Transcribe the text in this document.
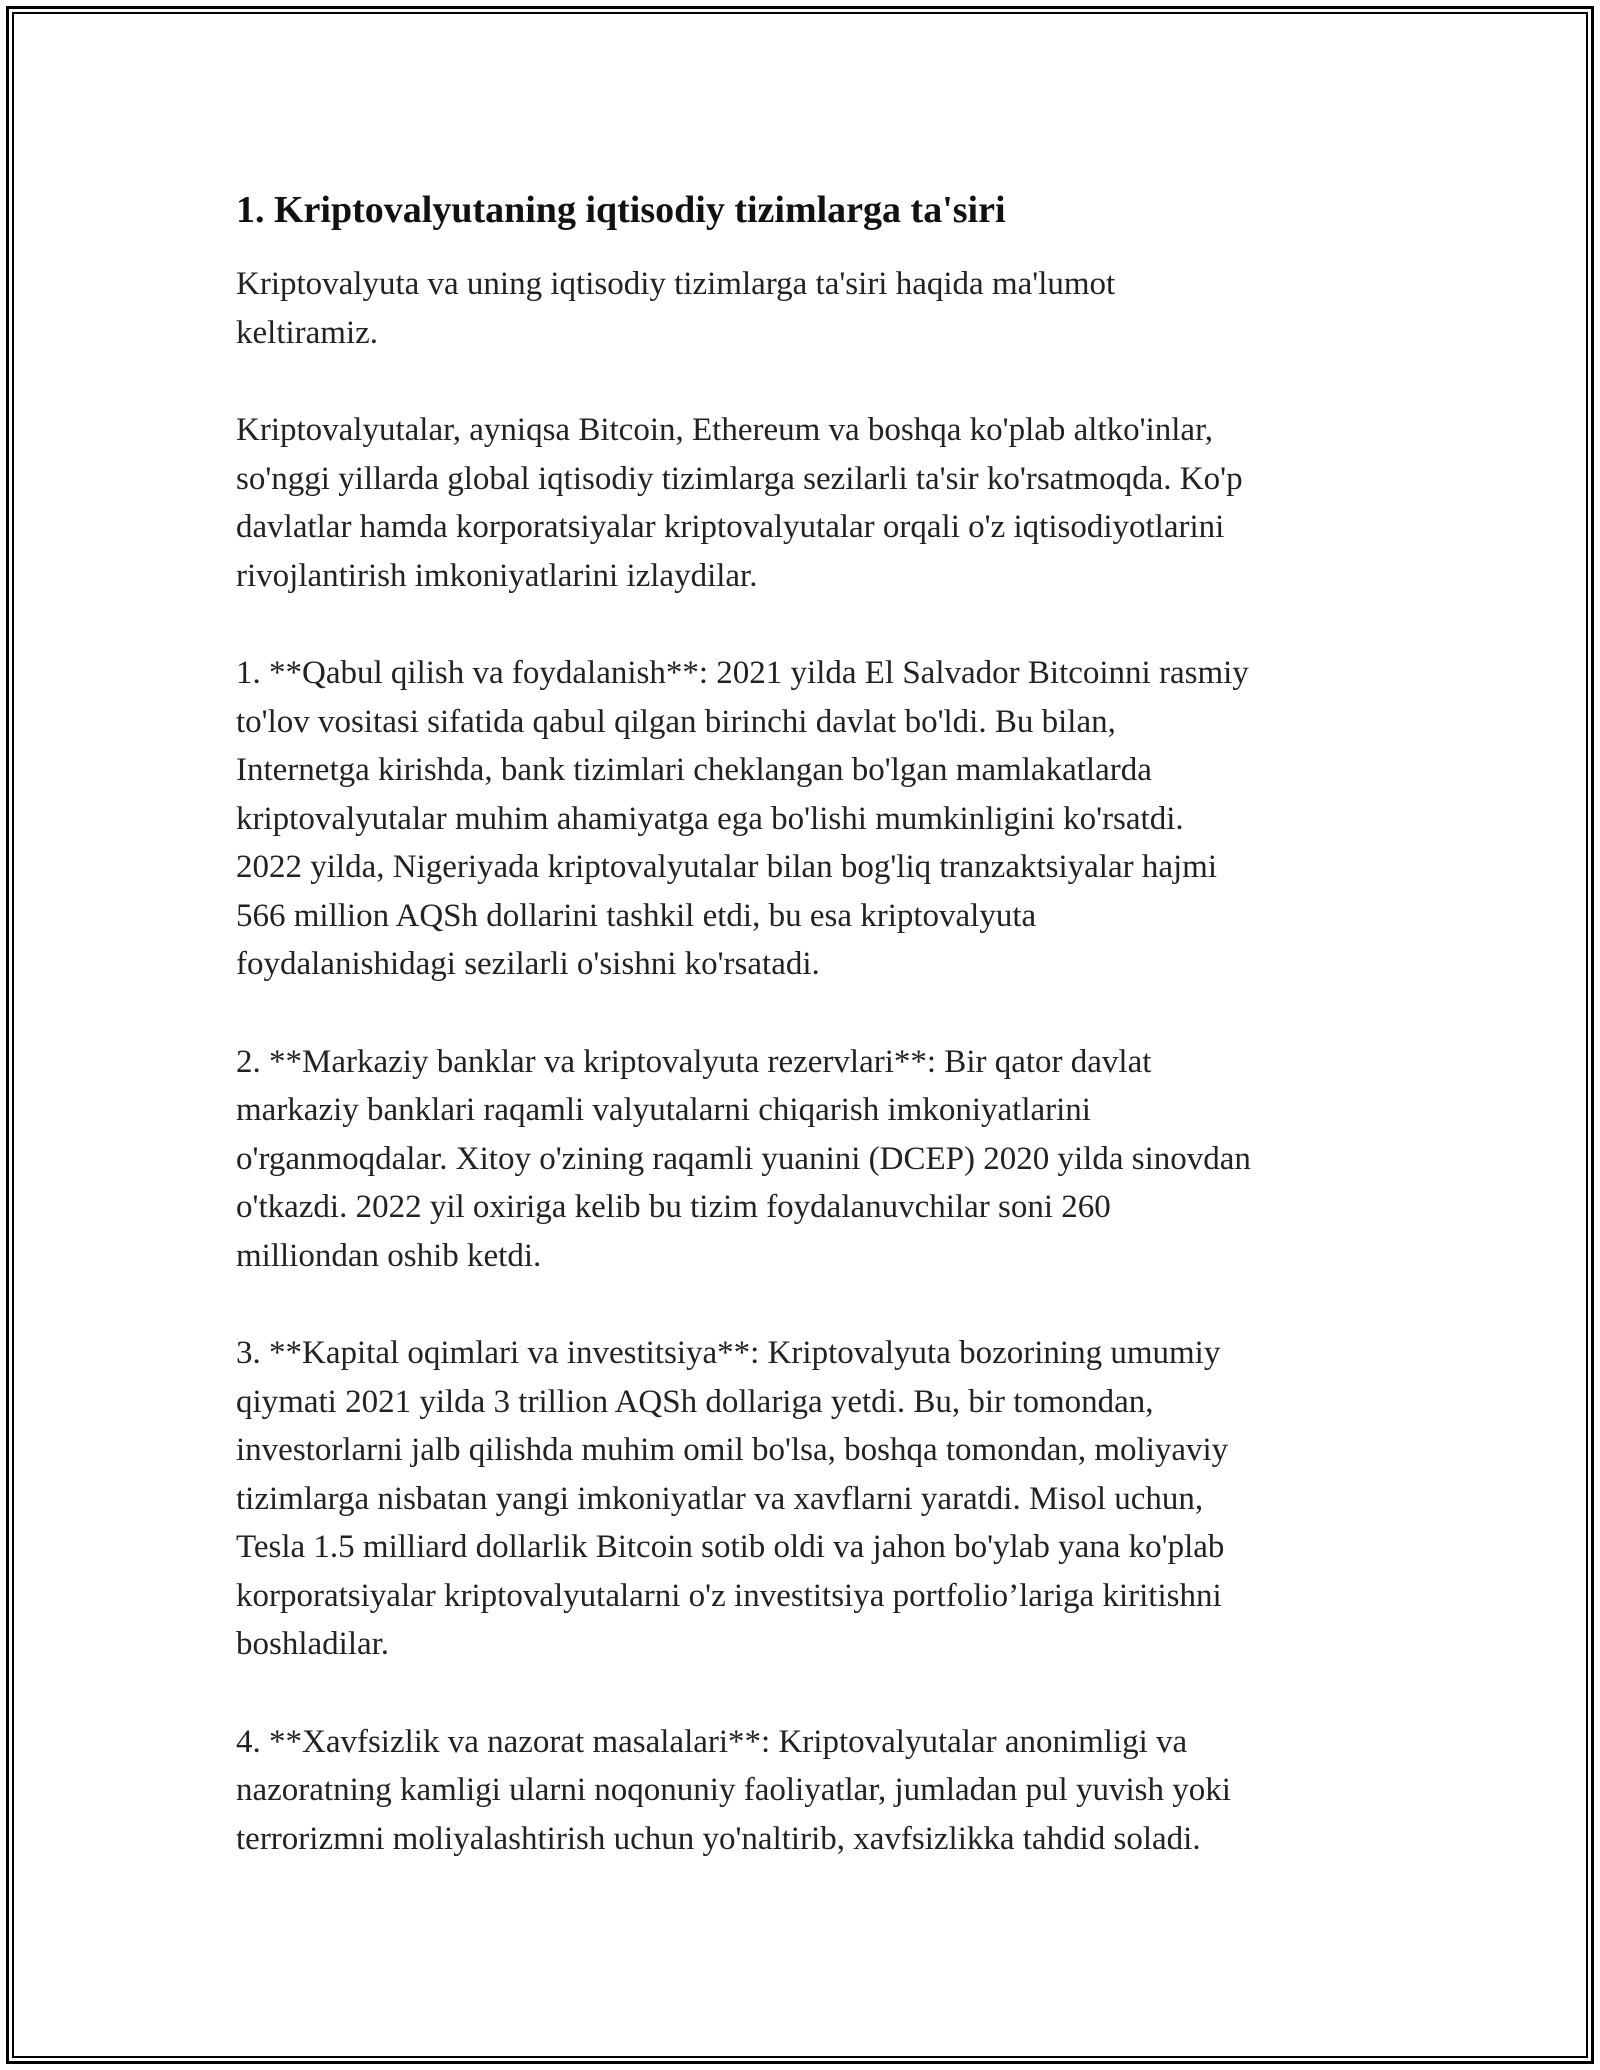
1. Kriptovalyutaning iqtisodiy tizimlarga ta'siri

Kriptovalyuta va uning iqtisodiy tizimlarga ta'siri haqida ma'lumot
keltiramiz.

Kriptovalyutalar, ayniqsa Bitcoin, Ethereum va boshqa ko'plab altko'inlar,
so'nggi yillarda global iqtisodiy tizimlarga sezilarli ta'sir ko'rsatmoqda. Ko'p
davlatlar hamda korporatsiyalar kriptovalyutalar orqali o'z iqtisodiyotlarini
rivojlantirish imkoniyatlarini izlaydilar.

1. **Qabul qilish va foydalanish**: 2021 yilda El Salvador Bitcoinni rasmiy
to'lov vositasi sifatida qabul qilgan birinchi davlat bo'ldi. Bu bilan,
Internetga kirishda, bank tizimlari cheklangan bo'lgan mamlakatlarda
kriptovalyutalar muhim ahamiyatga ega bo'lishi mumkinligini ko'rsatdi.
2022 yilda, Nigeriyada kriptovalyutalar bilan bog'liq tranzaktsiyalar hajmi
566 million AQSh dollarini tashkil etdi, bu esa kriptovalyuta
foydalanishidagi sezilarli o'sishni ko'rsatadi.

2. **Markaziy banklar va kriptovalyuta rezervlari**: Bir qator davlat
markaziy banklari raqamli valyutalarni chiqarish imkoniyatlarini
o'rganmoqdalar. Xitoy o'zining raqamli yuanini (DCEP) 2020 yilda sinovdan
o'tkazdi. 2022 yil oxiriga kelib bu tizim foydalanuvchilar soni 260
milliondan oshib ketdi.

3. **Kapital oqimlari va investitsiya**: Kriptovalyuta bozorining umumiy
qiymati 2021 yilda 3 trillion AQSh dollariga yetdi. Bu, bir tomondan,
investorlarni jalb qilishda muhim omil bo'lsa, boshqa tomondan, moliyaviy
tizimlarga nisbatan yangi imkoniyatlar va xavflarni yaratdi. Misol uchun,
Tesla 1.5 milliard dollarlik Bitcoin sotib oldi va jahon bo'ylab yana ko'plab
korporatsiyalar kriptovalyutalarni o'z investitsiya portfolio’lariga kiritishni
boshladilar.

4. **Xavfsizlik va nazorat masalalari**: Kriptovalyutalar anonimligi va
nazoratning kamligi ularni noqonuniy faoliyatlar, jumladan pul yuvish yoki
terrorizmni moliyalashtirish uchun yo'naltirib, xavfsizlikka tahdid soladi.
